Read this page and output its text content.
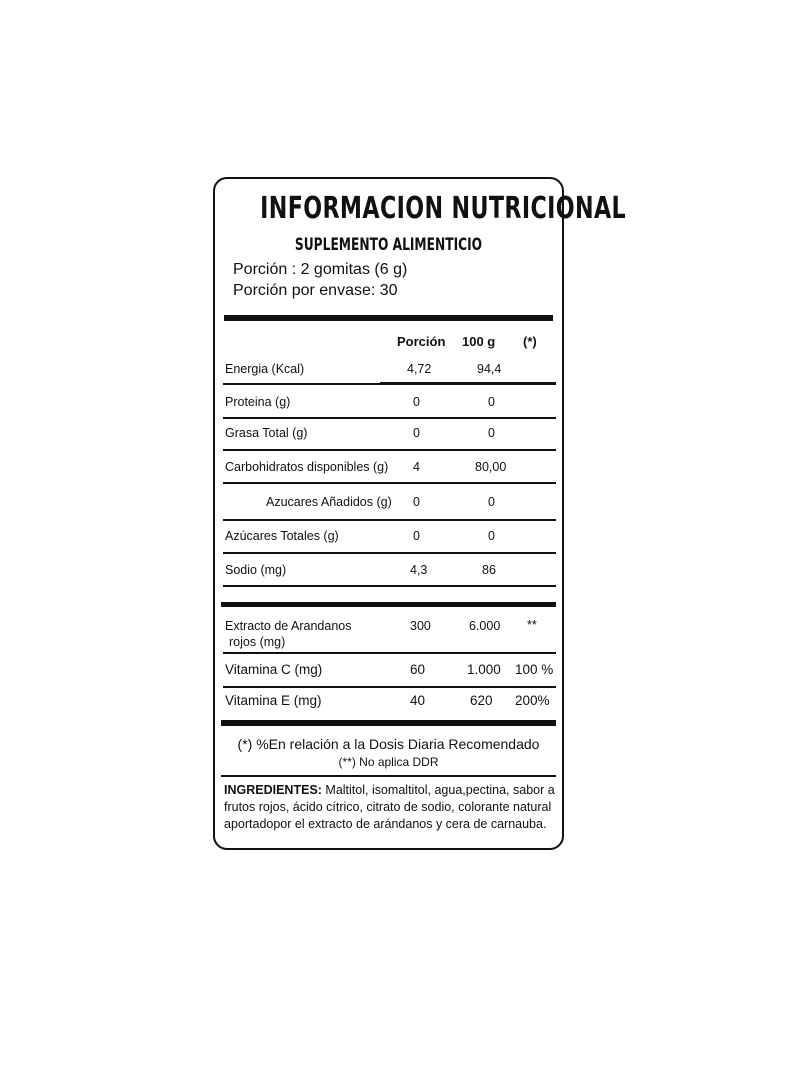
INFORMACION NUTRICIONAL
SUPLEMENTO ALIMENTICIO
Porción : 2 gomitas (6 g)
Porción por envase: 30
Porción 100 g (*)
Energia (Kcal)	4,72	94,4
Proteina (g)	0	0
Grasa Total (g)	0	0
Carbohidratos disponibles (g) 4	80,00
Azucares Añadidos (g) 0	0
Azúcares Totales (g)	0	0
Sodio (mg)	4,3	86
Extracto de Arandanos
rojos (mg)
300	6.000 **
Vitamina C (mg)	60	1.000 100 %
Vitamina E (mg)	40	620 200%
(*) %En relación a la Dosis Diaria Recomendado
(**) No aplica DDR
INGREDIENTES: Maltitol, isomaltitol, agua,pectina, sabor a frutos rojos, ácido cítrico, citrato de sodio, colorante natural aportadopor el extracto de arándanos y cera de carnauba.
